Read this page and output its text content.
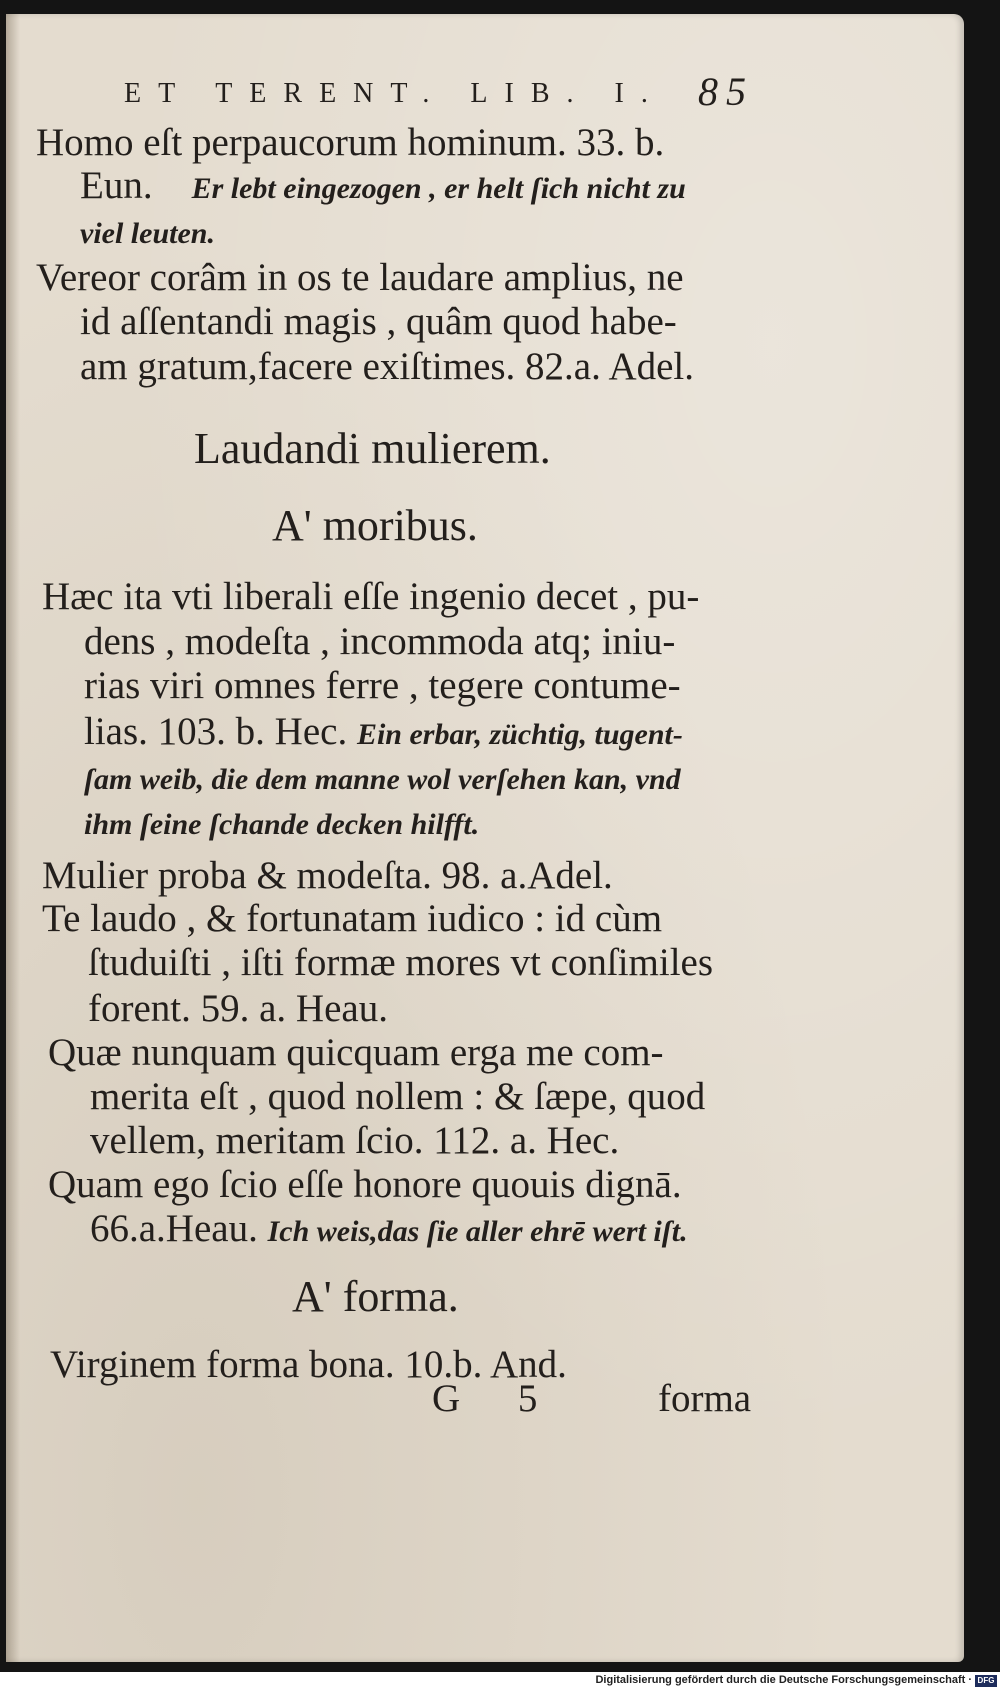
ET TERENT. LIB. I. 85

Homo eſt perpaucorum hominum. 33. b.

Eun. Er lebt eingezogen , er helt ſich nicht zu

viel leuten.

Vereor corâm in os te laudare amplius, ne

id aſſentandi magis , quâm quod habe-

am gratum,facere exiſtimes. 82.a. Adel.

Laudandi mulierem.
A' moribus.

Hæc ita vti liberali eſſe ingenio decet , pu-

dens , modeſta , incommoda atq; iniu-

rias viri omnes ferre , tegere contume-

lias. 103. b. Hec. Ein erbar, züchtig, tugent-

ſam weib, die dem manne wol verſehen kan, vnd

ihm ſeine ſchande decken hilfft.

Mulier proba & modeſta. 98. a.Adel.

Te laudo , & fortunatam iudico : id cùm

ſtuduiſti , iſti formæ mores vt conſimiles

forent. 59. a. Heau.

Quæ nunquam quicquam erga me com-

merita eſt , quod nollem : & ſæpe, quod

vellem, meritam ſcio. 112. a. Hec.

Quam ego ſcio eſſe honore quouis dignā.

66.a.Heau. Ich weis,das ſie aller ehrē wert iſt.

A' forma.

Virginem forma bona. 10.b. And.

G 5 forma
Digitalisierung gefördert durch die Deutsche Forschungsgemeinschaft · DFG
